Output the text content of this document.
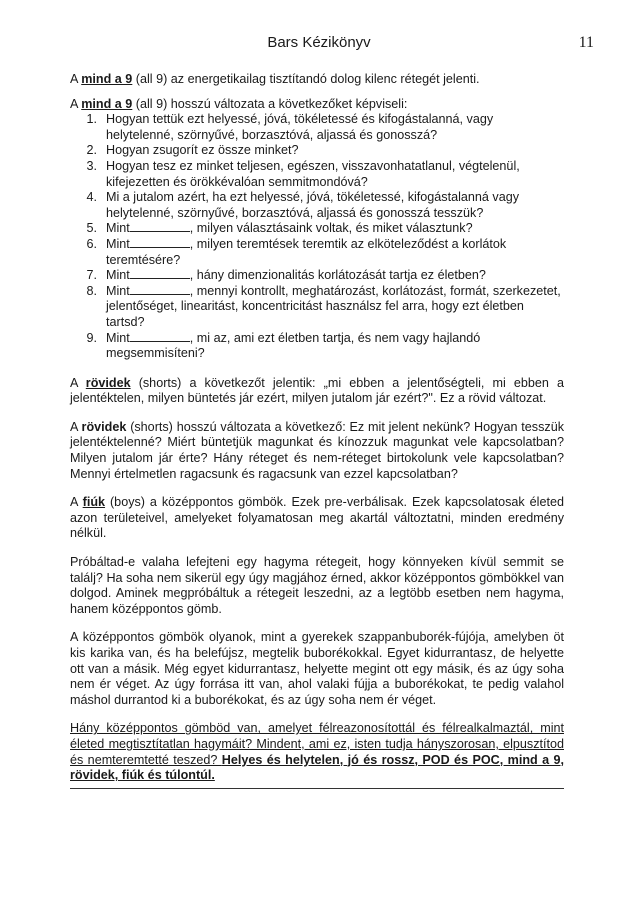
Bars Kézikönyv	11

A mind a 9 (all 9) az energetikailag tisztítandó dolog kilenc rétegét jelenti.

A mind a 9 (all 9) hosszú változata a következőket képviseli:

1. Hogyan tettük ezt helyessé, jóvá, tökéletessé és kifogástalanná, vagy helytelenné, szörnyűvé, borzasztóvá, aljassá és gonosszá?
2. Hogyan zsugorít ez össze minket?
3. Hogyan tesz ez minket teljesen, egészen, visszavonhatatlanul, végtelenül, kifejezetten és örökkévalóan semmitmondóvá?
4. Mi a jutalom azért, ha ezt helyessé, jóvá, tökéletessé, kifogástalanná vagy helytelenné, szörnyűvé, borzasztóvá, aljassá és gonosszá tesszük?
5. Mint	, milyen választásaink voltak, és miket választunk?
6. Mint	, milyen teremtések teremtik az elköteleződést a korlátok teremtésére?
7. Mint	, hány dimenzionalitás korlátozását tartja ez életben?
8. Mint	, mennyi kontrollt, meghatározást, korlátozást, formát, szerkezetet, jelentőséget, linearitást, koncentricitást használsz fel arra, hogy ezt életben tartsd?
9. Mint	, mi az, ami ezt életben tartja, és nem vagy hajlandó megsemmisíteni?

A rövidek (shorts) a következőt jelentik: „mi ebben a jelentőségteli, mi ebben a jelentéktelen, milyen büntetés jár ezért, milyen jutalom jár ezért?". Ez a rövid változat.

A rövidek (shorts) hosszú változata a következő: Ez mit jelent nekünk? Hogyan tesszük jelentéktelenné? Miért büntetjük magunkat és kínozzuk magunkat vele kapcsolatban? Milyen jutalom jár érte? Hány réteget és nem-réteget birtokolunk vele kapcsolatban? Mennyi értelmetlen ragacsunk és ragacsunk van ezzel kapcsolatban?

A fiúk (boys) a középpontos gömbök. Ezek pre-verbálisak. Ezek kapcsolatosak életed azon területeivel, amelyeket folyamatosan meg akartál változtatni, minden eredmény nélkül.

Próbáltad-e valaha lefejteni egy hagyma rétegeit, hogy könnyeken kívül semmit se találj? Ha soha nem sikerül egy úgy magjához érned, akkor középpontos gömbökkel van dolgod. Aminek megpróbáltuk a rétegeit leszedni, az a legtöbb esetben nem hagyma, hanem középpontos gömb.

A középpontos gömbök olyanok, mint a gyerekek szappanbuborék-fújója, amelyben öt kis karika van, és ha belefújsz, megtelik buborékokkal. Egyet kidurrantasz, de helyette ott van a másik. Még egyet kidurrantasz, helyette megint ott egy másik, és az úgy soha nem ér véget. Az úgy forrása itt van, ahol valaki fújja a buborékokat, te pedig valahol máshol durrantod ki a buborékokat, és az úgy soha nem ér véget.

Hány középpontos gömböd van, amelyet félreazonosítottál és félrealkalmaztál, mint életed megtisztítatlan hagymáit? Mindent, ami ez, isten tudja hányszorosan, elpusztítod és nemteremtetté teszed? Helyes és helytelen, jó és rossz, POD és POC, mind a 9, rövidek, fiúk és túlontúl.
